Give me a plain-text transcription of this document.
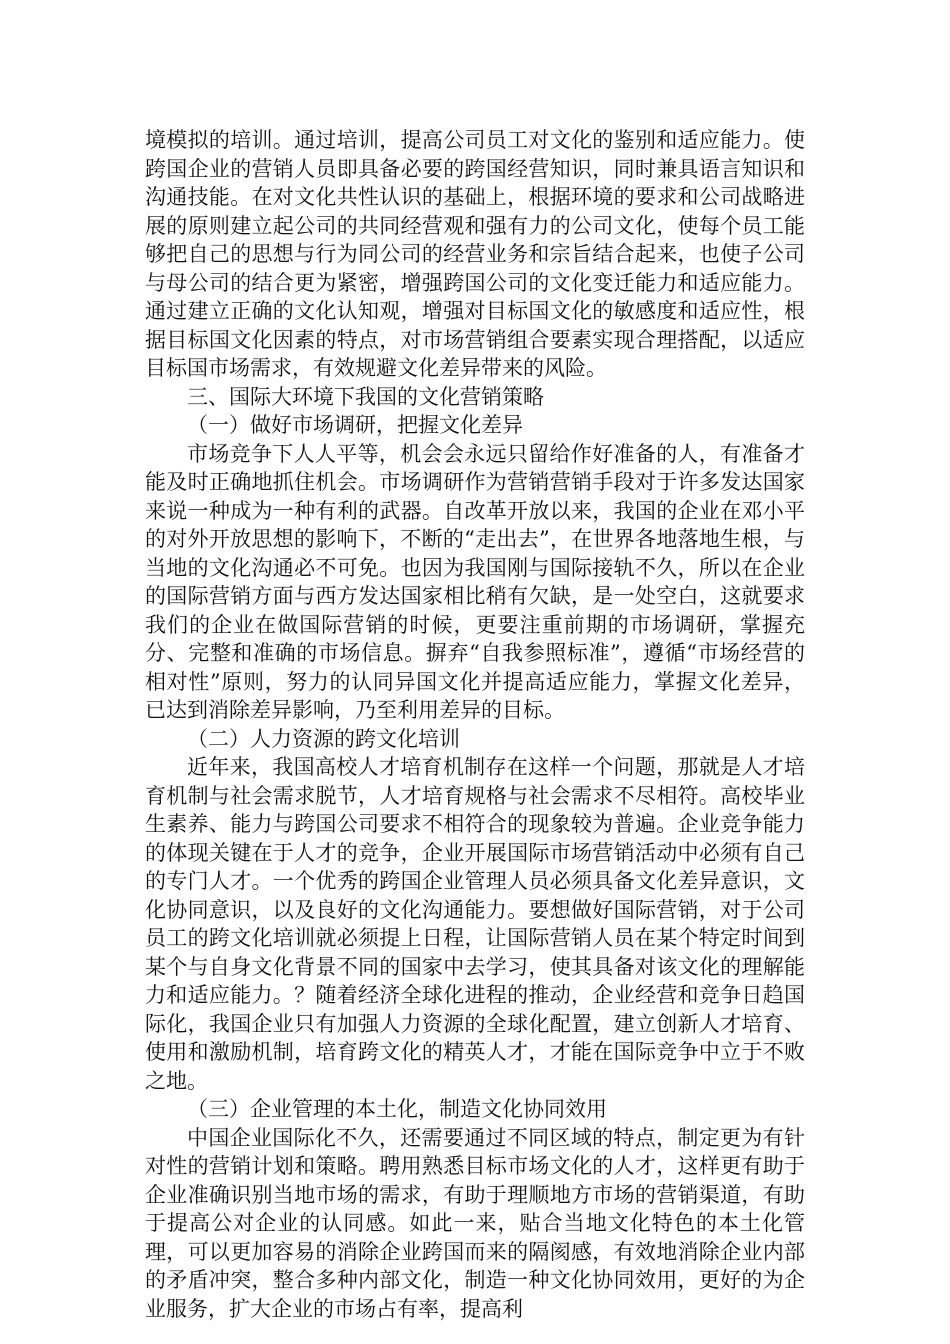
境模拟的培训。通过培训，提高公司员工对文化的鉴别和适应能力。使跨国企业的营销人员即具备必要的跨国经营知识，同时兼具语言知识和沟通技能。在对文化共性认识的基础上，根据环境的要求和公司战略进展的原则建立起公司的共同经营观和强有力的公司文化，使每个员工能够把自己的思想与行为同公司的经营业务和宗旨结合起来，也使子公司与母公司的结合更为紧密，增强跨国公司的文化变迁能力和适应能力。通过建立正确的文化认知观，增强对目标国文化的敏感度和适应性，根据目标国文化因素的特点，对市场营销组合要素实现合理搭配，以适应目标国市场需求，有效规避文化差异带来的风险。

三、国际大环境下我国的文化营销策略

（一）做好市场调研，把握文化差异

市场竞争下人人平等，机会会永远只留给作好准备的人，有准备才能及时正确地抓住机会。市场调研作为营销营销手段对于许多发达国家来说一种成为一种有利的武器。自改革开放以来，我国的企业在邓小平的对外开放思想的影响下，不断的“走出去”，在世界各地落地生根，与当地的文化沟通必不可免。也因为我国刚与国际接轨不久，所以在企业的国际营销方面与西方发达国家相比稍有欠缺，是一处空白，这就要求我们的企业在做国际营销的时候，更要注重前期的市场调研，掌握充分、完整和准确的市场信息。摒弃“自我参照标准”，遵循“市场经营的相对性”原则，努力的认同异国文化并提高适应能力，掌握文化差异，已达到消除差异影响，乃至利用差异的目标。

（二）人力资源的跨文化培训

近年来，我国高校人才培育机制存在这样一个问题，那就是人才培育机制与社会需求脱节，人才培育规格与社会需求不尽相符。高校毕业生素养、能力与跨国公司要求不相符合的现象较为普遍。企业竞争能力的体现关键在于人才的竞争，企业开展国际市场营销活动中必须有自己的专门人才。一个优秀的跨国企业管理人员必须具备文化差异意识，文化协同意识，以及良好的文化沟通能力。要想做好国际营销，对于公司员工的跨文化培训就必须提上日程，让国际营销人员在某个特定时间到某个与自身文化背景不同的国家中去学习，使其具备对该文化的理解能力和适应能力。？随着经济全球化进程的推动，企业经营和竞争日趋国际化，我国企业只有加强人力资源的全球化配置，建立创新人才培育、使用和激励机制，培育跨文化的精英人才，才能在国际竞争中立于不败之地。

（三）企业管理的本土化，制造文化协同效用

中国企业国际化不久，还需要通过不同区域的特点，制定更为有针对性的营销计划和策略。聘用熟悉目标市场文化的人才，这样更有助于企业准确识别当地市场的需求，有助于理顺地方市场的营销渠道，有助于提高公对企业的认同感。如此一来，贴合当地文化特色的本土化管理，可以更加容易的消除企业跨国而来的隔阂感，有效地消除企业内部的矛盾冲突，整合多种内部文化，制造一种文化协同效用，更好的为企业服务，扩大企业的市场占有率，提高利
